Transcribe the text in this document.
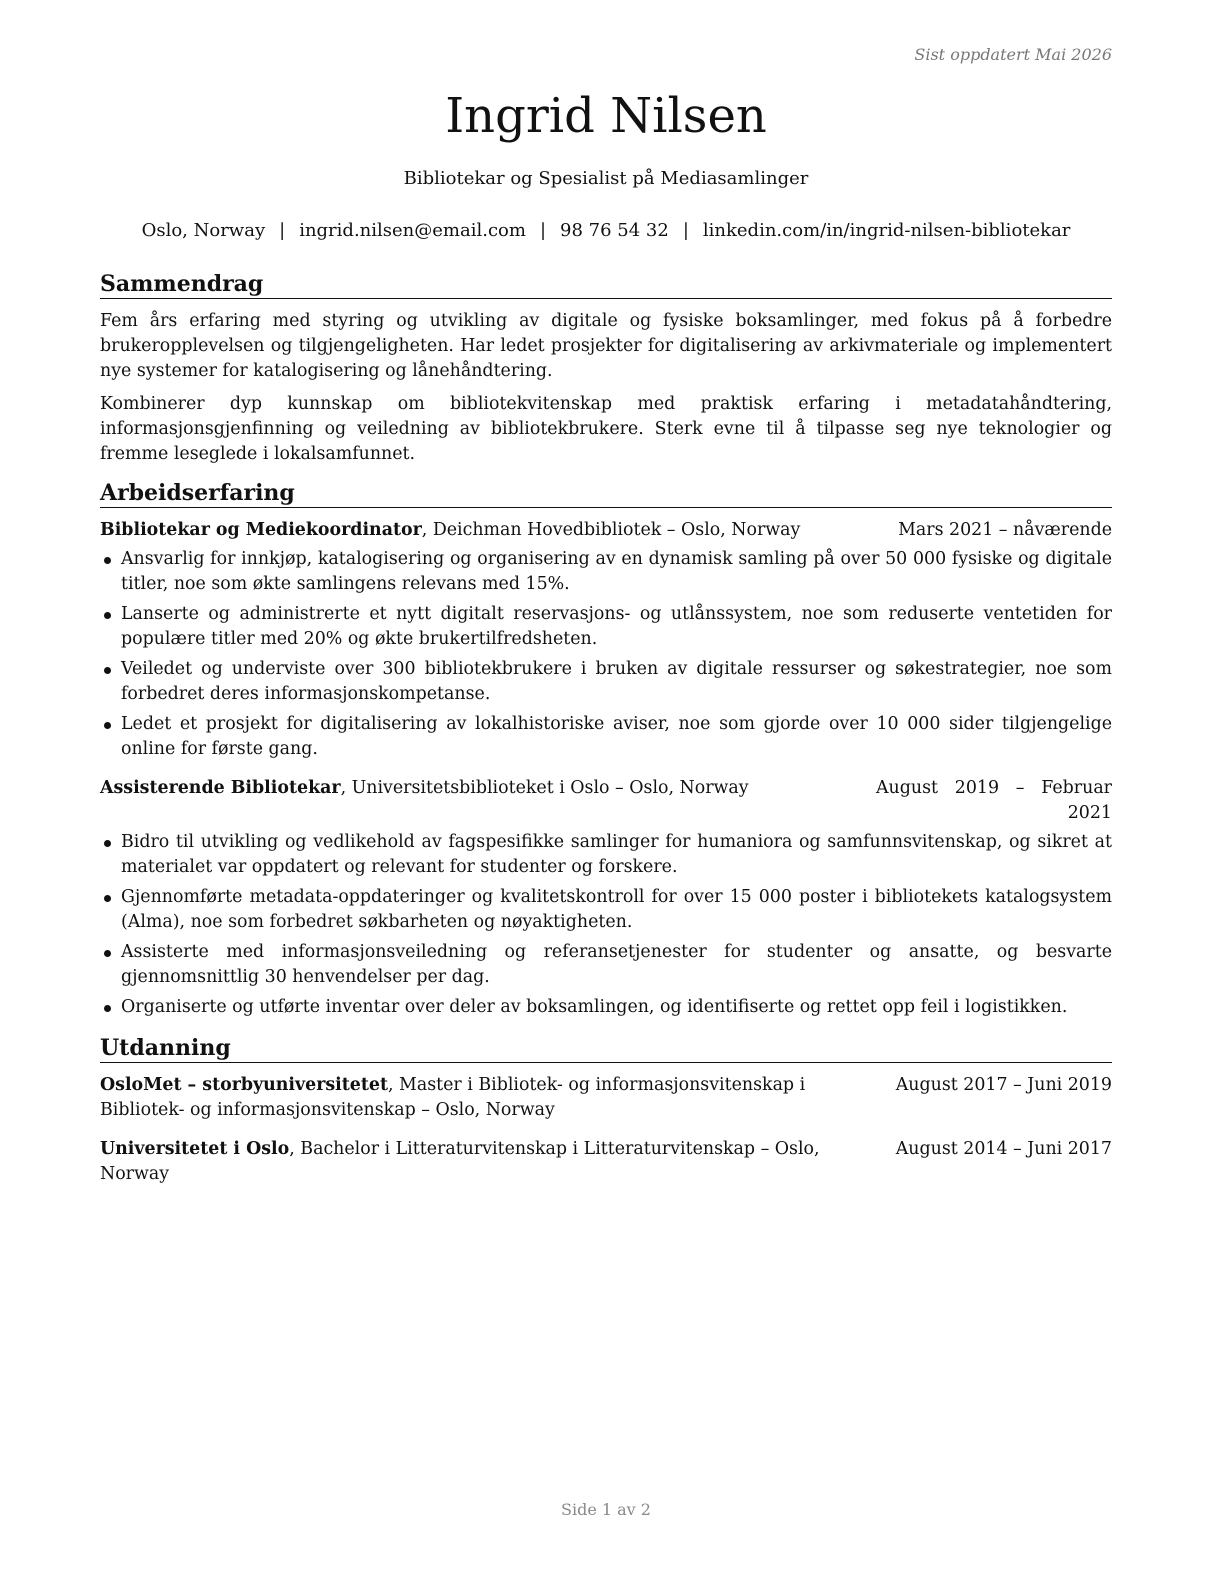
Sist oppdatert Mai 2026
Ingrid Nilsen
Bibliotekar og Spesialist på Mediasamlinger
Oslo, Norway | ingrid.nilsen@email.com | 98 76 54 32 | linkedin.com/in/ingrid-nilsen-bibliotekar
Sammendrag

Fem års erfaring med styring og utvikling av digitale og fysiske boksamlinger, med fokus på å forbedre brukeropplevelsen og tilgjengeligheten. Har ledet prosjekter for digitalisering av arkivmateriale og implementert nye systemer for katalogisering og lånehåndtering.

Kombinerer dyp kunnskap om bibliotekvitenskap med praktisk erfaring i metadatahåndtering, informasjonsgjenfinning og veiledning av bibliotekbrukere. Sterk evne til å tilpasse seg nye teknologier og fremme leseglede i lokalsamfunnet.

Arbeidserfaring
Bibliotekar og Mediekoordinator, Deichman Hovedbibliotek – Oslo, Norway	Mars 2021 – nåværende
Ansvarlig for innkjøp, katalogisering og organisering av en dynamisk samling på over 50 000 fysiske og digitale titler, noe som økte samlingens relevans med 15%.
Lanserte og administrerte et nytt digitalt reservasjons- og utlånssystem, noe som reduserte ventetiden for populære titler med 20% og økte brukertilfredsheten.
Veiledet og underviste over 300 bibliotekbrukere i bruken av digitale ressurser og søkestrategier, noe som forbedret deres informasjonskompetanse.
Ledet et prosjekt for digitalisering av lokalhistoriske aviser, noe som gjorde over 10 000 sider tilgjengelige online for første gang.
Assisterende Bibliotekar, Universitetsbiblioteket i Oslo – Oslo, Norway	August 2019 – Februar 2021
Bidro til utvikling og vedlikehold av fagspesifikke samlinger for humaniora og samfunnsvitenskap, og sikret at materialet var oppdatert og relevant for studenter og forskere.
Gjennomførte metadata-oppdateringer og kvalitetskontroll for over 15 000 poster i bibliotekets katalogsystem (Alma), noe som forbedret søkbarheten og nøyaktigheten.
Assisterte med informasjonsveiledning og referansetjenester for studenter og ansatte, og besvarte gjennomsnittlig 30 henvendelser per dag.
Organiserte og utførte inventar over deler av boksamlingen, og identifiserte og rettet opp feil i logistikken.
Utdanning
OsloMet – storbyuniversitetet, Master i Bibliotek- og informasjonsvitenskap i Bibliotek- og informasjonsvitenskap – Oslo, Norway
August 2017 – Juni 2019
Universitetet i Oslo, Bachelor i Litteraturvitenskap i Litteraturvitenskap – Oslo, Norway
August 2014 – Juni 2017
Side 1 av 2
